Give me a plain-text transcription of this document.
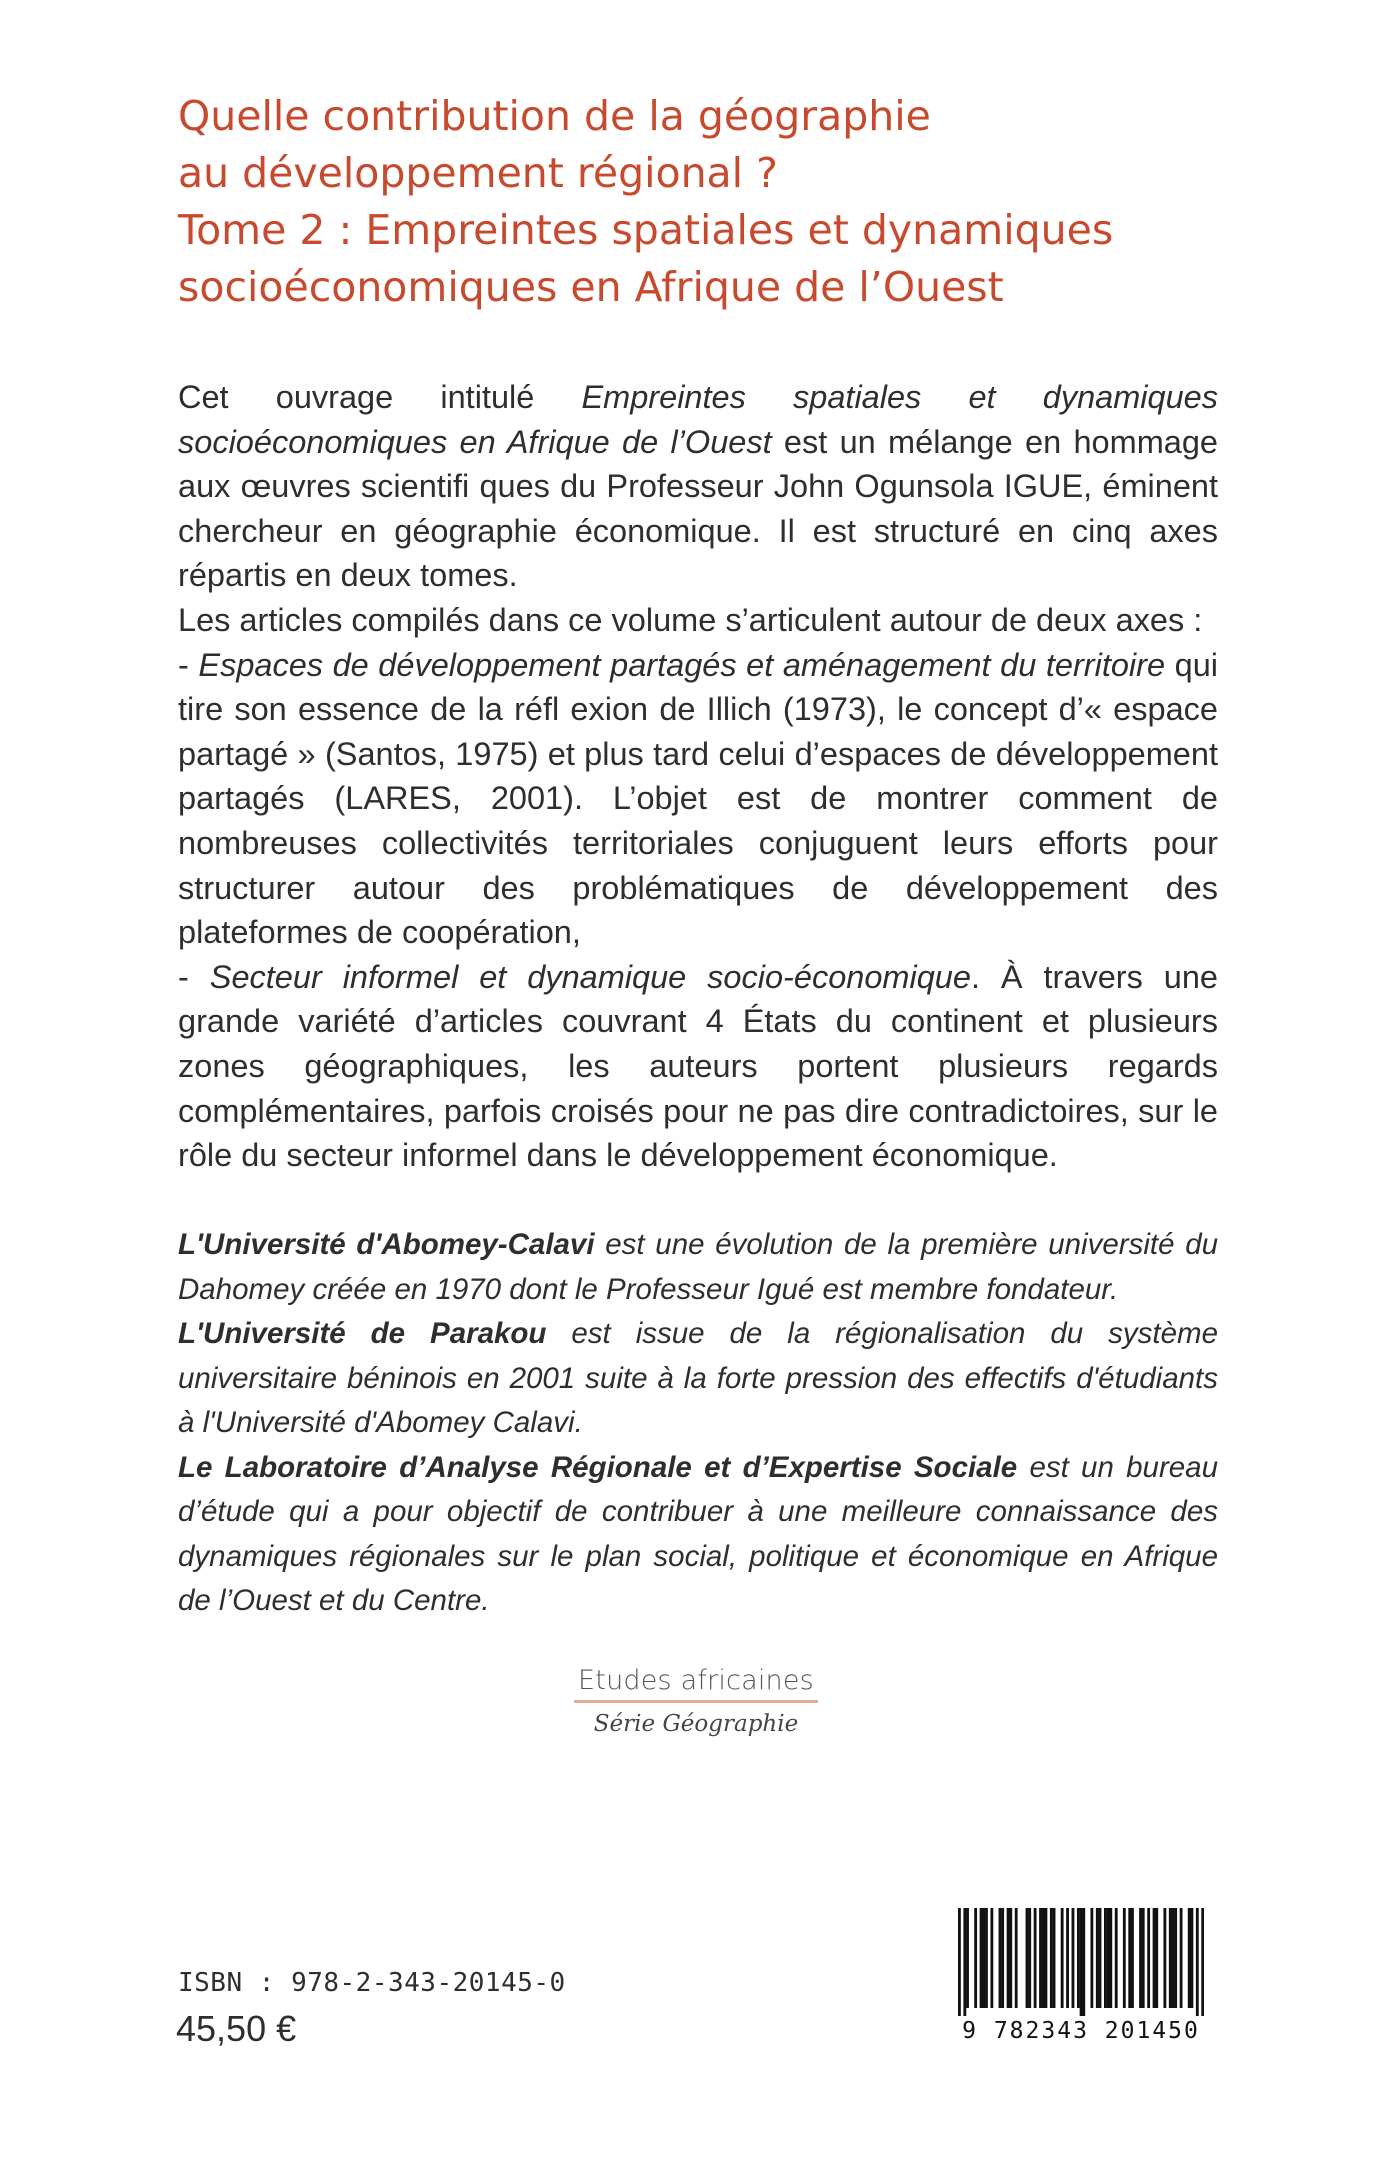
Quelle contribution de la géographie
au développement régional ?
Tome 2 : Empreintes spatiales et dynamiques
socioéconomiques en Afrique de l’Ouest

Cet ouvrage intitulé Empreintes spatiales et dynamiques socioéconomiques en Afrique de l’Ouest est un mélange en hommage aux œuvres scientifi ques du Professeur John Ogunsola IGUE, éminent chercheur en géographie économique. Il est structuré en cinq axes répartis en deux tomes.

Les articles compilés dans ce volume s’articulent autour de deux axes :

- Espaces de développement partagés et aménagement du territoire qui tire son essence de la réfl exion de Illich (1973), le concept d’« espace partagé » (Santos, 1975) et plus tard celui d’espaces de développement partagés (LARES, 2001). L’objet est de montrer comment de nombreuses collectivités territoriales conjuguent leurs efforts pour structurer autour des problématiques de développement des plateformes de coopération,

- Secteur informel et dynamique socio-économique. À travers une grande variété d’articles couvrant 4 États du continent et plusieurs zones géographiques, les auteurs portent plusieurs regards complémentaires, parfois croisés pour ne pas dire contradictoires, sur le rôle du secteur informel dans le développement économique.

L'Université d'Abomey-Calavi est une évolution de la première université du Dahomey créée en 1970 dont le Professeur Igué est membre fondateur.

L'Université de Parakou est issue de la régionalisation du système universitaire béninois en 2001 suite à la forte pression des effectifs d'étudiants à l'Université d'Abomey Calavi.

Le Laboratoire d’Analyse Régionale et d’Expertise Sociale est un bureau d’étude qui a pour objectif de contribuer à une meilleure connaissance des dynamiques régionales sur le plan social, politique et économique en Afrique de l’Ouest et du Centre.

Etudes africaines
Série Géographie
ISBN : 978-2-343-20145-0
45,50 €	9 782343 201450
